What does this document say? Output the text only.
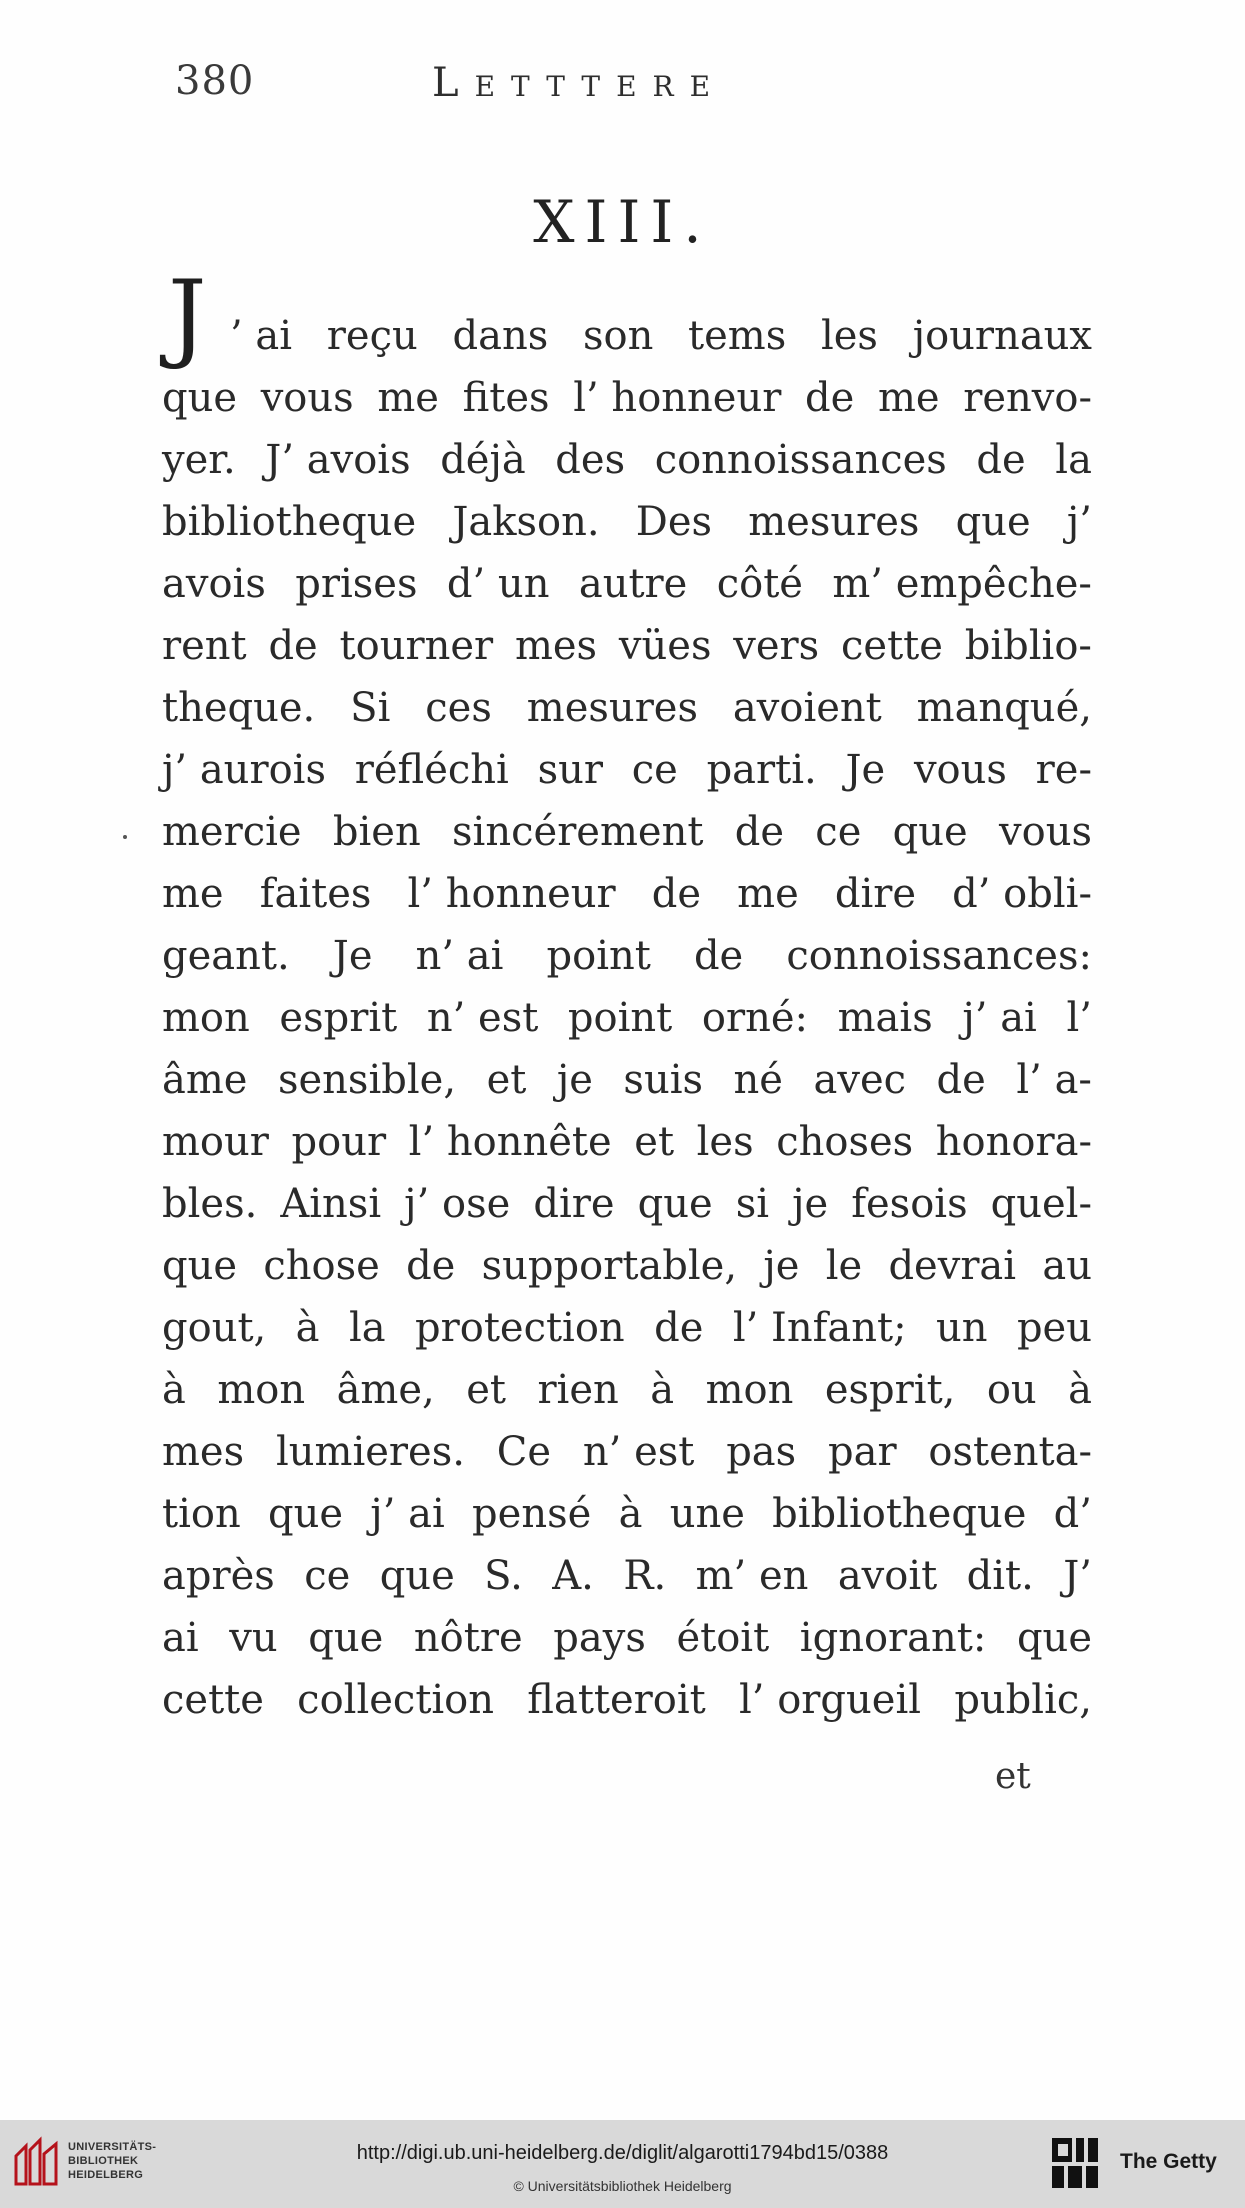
380	Letttere
XIII.
J ’ ai reçu dans son tems les journaux
que vous me fites l’ honneur de me renvo-
yer. J’ avois déjà des connoissances de la
bibliotheque Jakson. Des mesures que j’
avois prises d’ un autre côté m’ empêche-
rent de tourner mes vües vers cette biblio-
theque. Si ces mesures avoient manqué,
j’ aurois réfléchi sur ce parti. Je vous re-
mercie bien sincérement de ce que vous
me faites l’ honneur de me dire d’ obli-
geant. Je n’ ai point de connoissances:
mon esprit n’ est point orné: mais j’ ai l’
âme sensible, et je suis né avec de l’ a-
mour pour l’ honnête et les choses honora-
bles. Ainsi j’ ose dire que si je fesois quel-
que chose de supportable, je le devrai au
gout, à la protection de l’ Infant; un peu
à mon âme, et rien à mon esprit, ou à
mes lumieres. Ce n’ est pas par ostenta-
tion que j’ ai pensé à une bibliotheque d’
après ce que S. A. R. m’ en avoit dit. J’
ai vu que nôtre pays étoit ignorant: que
cette collection flatteroit l’ orgueil public,
et
UNIVERSITÄTS-
BIBLIOTHEK
HEIDELBERG
http://digi.ub.uni-heidelberg.de/diglit/algarotti1794bd15/0388
© Universitätsbibliothek Heidelberg
The Getty
